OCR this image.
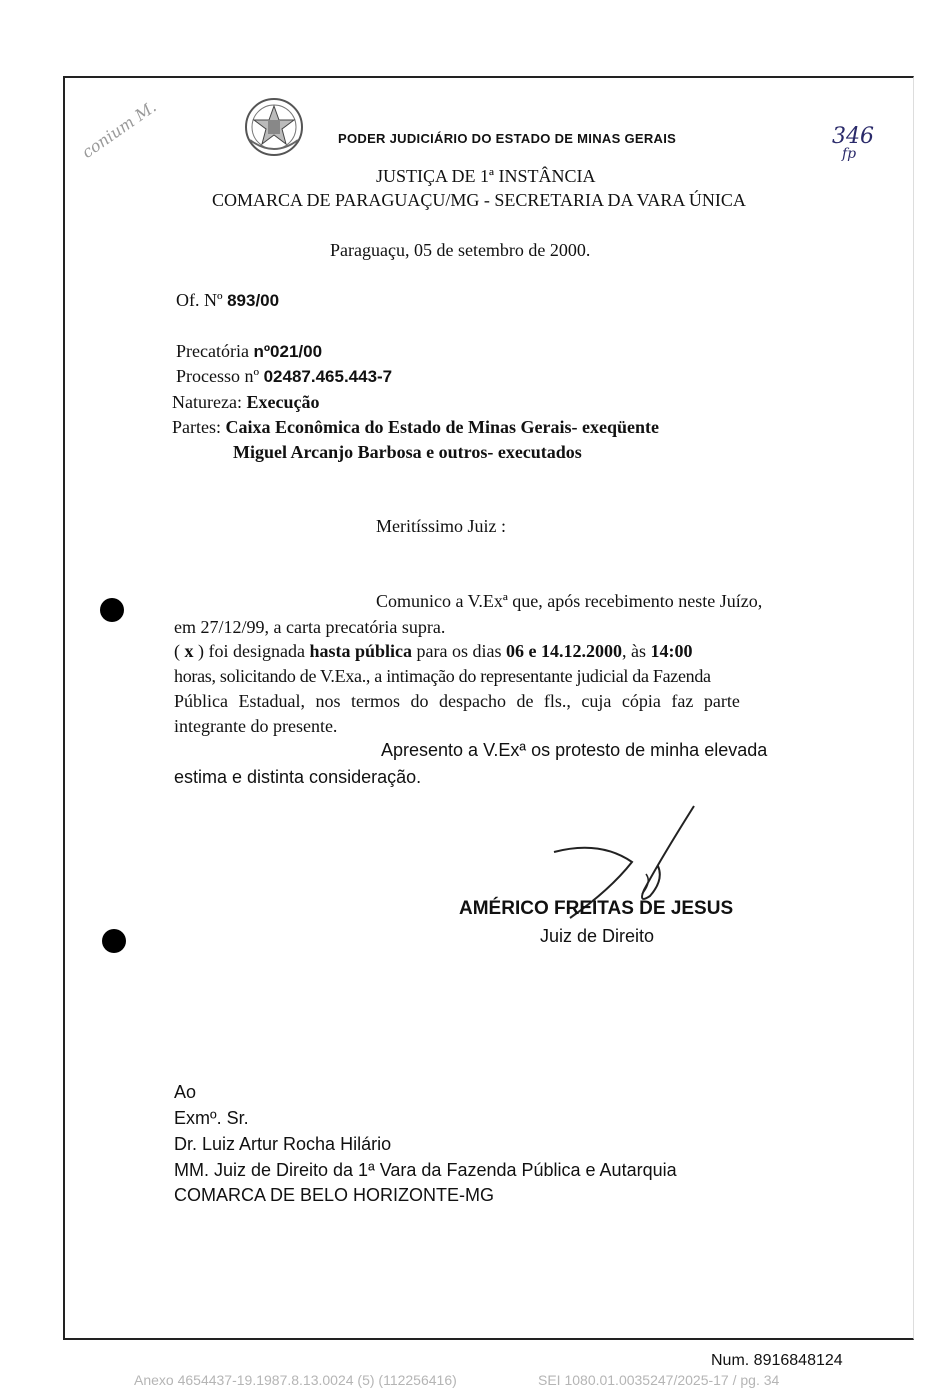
PODER JUDICIÁRIO DO ESTADO DE MINAS GERAIS
JUSTIÇA DE 1ª INSTÂNCIA
COMARCA DE PARAGUAÇU/MG - SECRETARIA DA VARA ÚNICA
conium M.	346
fp
Paraguaçu, 05 de setembro de 2000.
Of. Nº 893/00
Precatória nº021/00
Processo nº 02487.465.443-7
Natureza: Execução
Partes: Caixa Econômica do Estado de Minas Gerais- exeqüente
Miguel Arcanjo Barbosa e outros- executados
Meritíssimo Juiz :
Comunico a V.Exª que, após recebimento neste Juízo,
em 27/12/99, a carta precatória supra.
( x ) foi designada hasta pública para os dias 06 e 14.12.2000, às 14:00
horas, solicitando de V.Exa., a intimação do representante judicial da Fazenda
Pública Estadual, nos termos do despacho de fls., cuja cópia faz parte
integrante do presente.
Apresento a V.Exª os protesto de minha elevada
estima e distinta consideração.
AMÉRICO FREITAS DE JESUS
Juiz de Direito
Ao
Exmº. Sr.
Dr. Luiz Artur Rocha Hilário
MM. Juiz de Direito da 1ª Vara da Fazenda Pública e Autarquia
COMARCA DE BELO HORIZONTE-MG
Num. 8916848124
Anexo 4654437-19.1987.8.13.0024 (5) (112256416)	SEI 1080.01.0035247/2025-17 / pg. 34
